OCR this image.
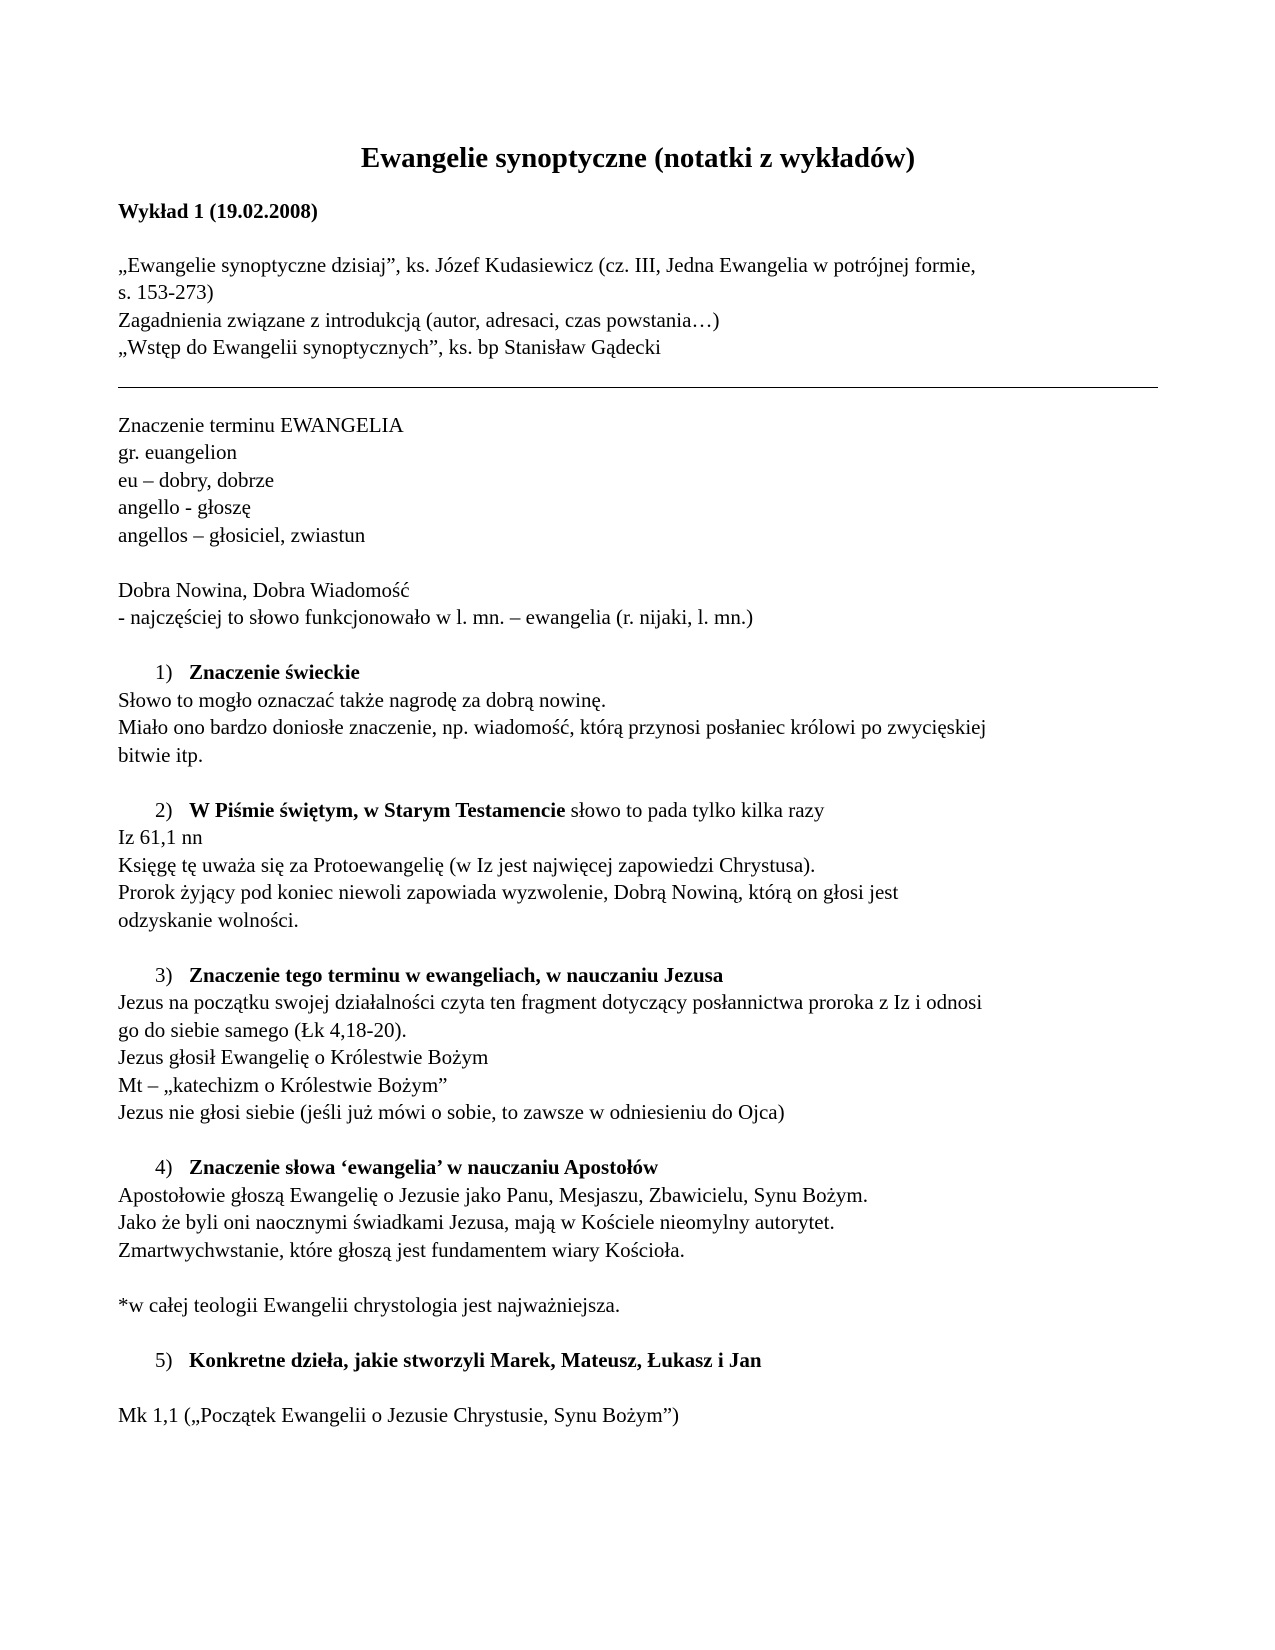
Ewangelie synoptyczne (notatki z wykładów)

Wykład 1 (19.02.2008)

„Ewangelie synoptyczne dzisiaj”, ks. Józef Kudasiewicz (cz. III, Jedna Ewangelia w potrójnej formie,

s. 153-273)

Zagadnienia związane z introdukcją (autor, adresaci, czas powstania…)

„Wstęp do Ewangelii synoptycznych”, ks. bp Stanisław Gądecki

Znaczenie terminu EWANGELIA

gr. euangelion

eu – dobry, dobrze

angello - głoszę

angellos – głosiciel, zwiastun

Dobra Nowina, Dobra Wiadomość

- najczęściej to słowo funkcjonowało w l. mn. – ewangelia (r. nijaki, l. mn.)

1) Znaczenie świeckie

Słowo to mogło oznaczać także nagrodę za dobrą nowinę.

Miało ono bardzo doniosłe znaczenie, np. wiadomość, którą przynosi posłaniec królowi po zwycięskiej

bitwie itp.

2) W Piśmie świętym, w Starym Testamencie słowo to pada tylko kilka razy

Iz 61,1 nn

Księgę tę uważa się za Protoewangelię (w Iz jest najwięcej zapowiedzi Chrystusa).

Prorok żyjący pod koniec niewoli zapowiada wyzwolenie, Dobrą Nowiną, którą on głosi jest

odzyskanie wolności.

3) Znaczenie tego terminu w ewangeliach, w nauczaniu Jezusa

Jezus na początku swojej działalności czyta ten fragment dotyczący posłannictwa proroka z Iz i odnosi

go do siebie samego (Łk 4,18-20).

Jezus głosił Ewangelię o Królestwie Bożym

Mt – „katechizm o Królestwie Bożym”

Jezus nie głosi siebie (jeśli już mówi o sobie, to zawsze w odniesieniu do Ojca)

4) Znaczenie słowa ‘ewangelia’ w nauczaniu Apostołów

Apostołowie głoszą Ewangelię o Jezusie jako Panu, Mesjaszu, Zbawicielu, Synu Bożym.

Jako że byli oni naocznymi świadkami Jezusa, mają w Kościele nieomylny autorytet.

Zmartwychwstanie, które głoszą jest fundamentem wiary Kościoła.

*w całej teologii Ewangelii chrystologia jest najważniejsza.

5) Konkretne dzieła, jakie stworzyli Marek, Mateusz, Łukasz i Jan

Mk 1,1 („Początek Ewangelii o Jezusie Chrystusie, Synu Bożym”)
